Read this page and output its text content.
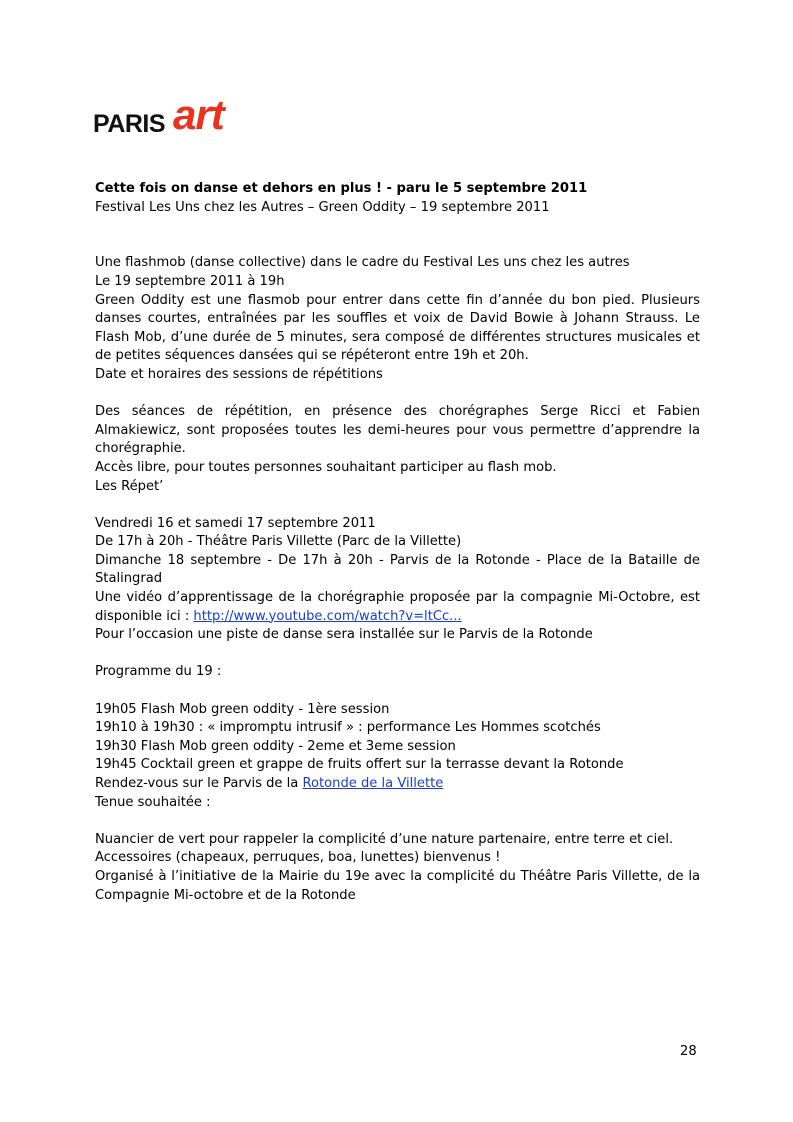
PARIS art
Cette fois on danse et dehors en plus ! - paru le 5 septembre 2011
Festival Les Uns chez les Autres – Green Oddity – 19 septembre 2011

Une flashmob (danse collective) dans le cadre du Festival Les uns chez les autres

Le 19 septembre 2011 à 19h

Green Oddity est une flasmob pour entrer dans cette fin d’année du bon pied. Plusieurs danses courtes, entraînées par les souffles et voix de David Bowie à Johann Strauss. Le Flash Mob, d’une durée de 5 minutes, sera composé de différentes structures musicales et de petites séquences dansées qui se répéteront entre 19h et 20h.

Date et horaires des sessions de répétitions

Des séances de répétition, en présence des chorégraphes Serge Ricci et Fabien Almakiewicz, sont proposées toutes les demi-heures pour vous permettre d’apprendre la chorégraphie.

Accès libre, pour toutes personnes souhaitant participer au flash mob.

Les Répet’

Vendredi 16 et samedi 17 septembre 2011

De 17h à 20h - Théâtre Paris Villette (Parc de la Villette)

Dimanche 18 septembre - De 17h à 20h - Parvis de la Rotonde - Place de la Bataille de Stalingrad

Une vidéo d’apprentissage de la chorégraphie proposée par la compagnie Mi-Octobre, est disponible ici : http://www.youtube.com/watch?v=ltCc...

Pour l’occasion une piste de danse sera installée sur le Parvis de la Rotonde

Programme du 19 :

19h05 Flash Mob green oddity - 1ère session

19h10 à 19h30 : « impromptu intrusif » : performance Les Hommes scotchés

19h30 Flash Mob green oddity - 2eme et 3eme session

19h45 Cocktail green et grappe de fruits offert sur la terrasse devant la Rotonde

Rendez-vous sur le Parvis de la Rotonde de la Villette

Tenue souhaitée :

Nuancier de vert pour rappeler la complicité d’une nature partenaire, entre terre et ciel.

Accessoires (chapeaux, perruques, boa, lunettes) bienvenus !

Organisé à l’initiative de la Mairie du 19e avec la complicité du Théâtre Paris Villette, de la Compagnie Mi-octobre et de la Rotonde

28
